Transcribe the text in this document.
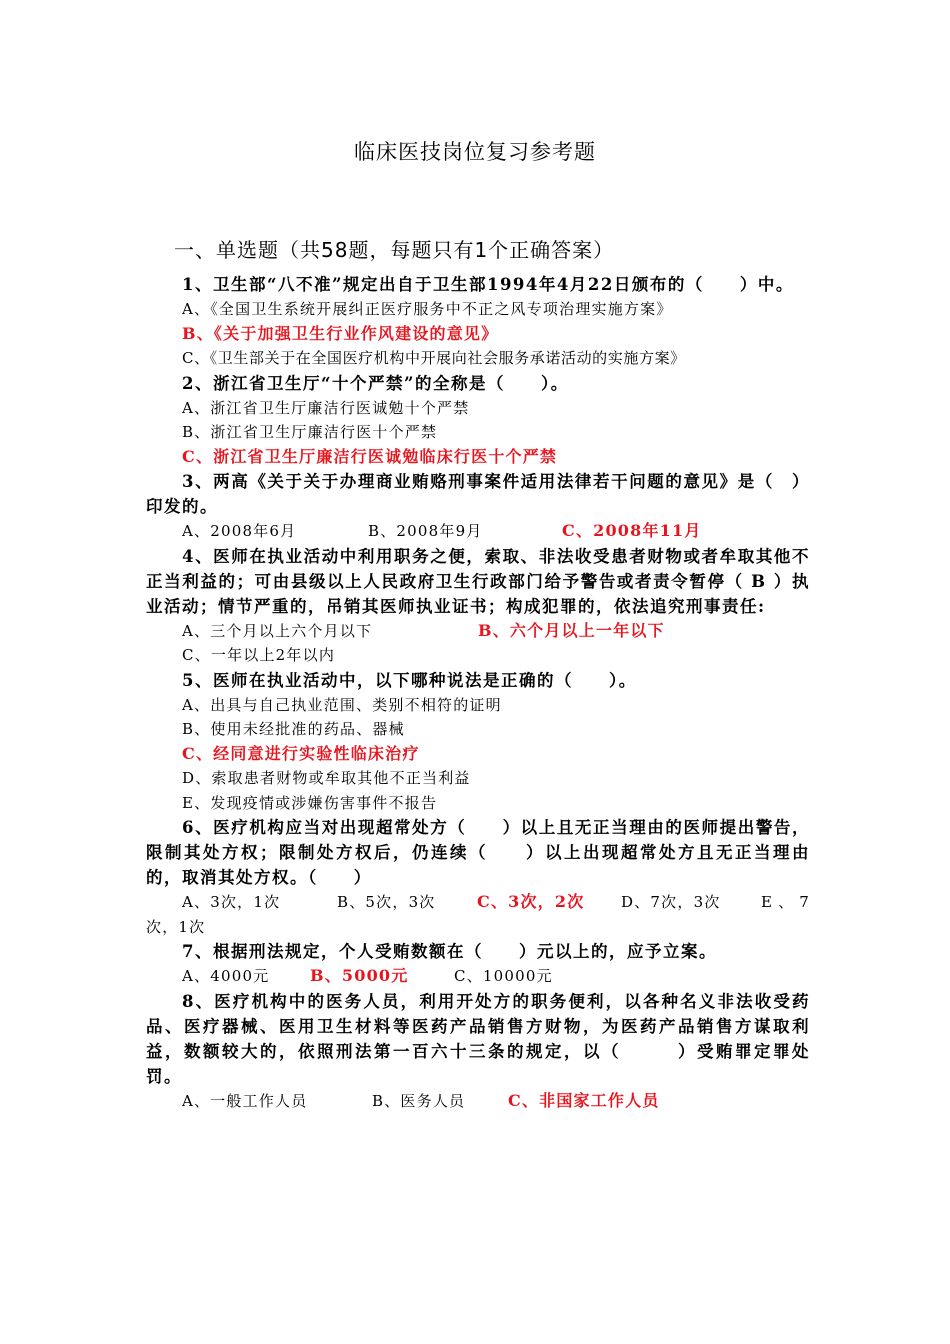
临床医技岗位复习参考题
一、单选题（共58题，每题只有1个正确答案）

1、卫生部“八不准”规定出自于卫生部1994年4月22日颁布的（　　）中。

A、《全国卫生系统开展纠正医疗服务中不正之风专项治理实施方案》

B、《关于加强卫生行业作风建设的意见》

C、《卫生部关于在全国医疗机构中开展向社会服务承诺活动的实施方案》

2、浙江省卫生厅“十个严禁”的全称是（　　）。

A、浙江省卫生厅廉洁行医诚勉十个严禁

B、浙江省卫生厅廉洁行医十个严禁

C、浙江省卫生厅廉洁行医诚勉临床行医十个严禁

3、两高《关于关于办理商业贿赂刑事案件适用法律若干问题的意见》是（　）印发的。

A、2008年6月	B、2008年9月	C、2008年11月

4、医师在执业活动中利用职务之便，索取、非法收受患者财物或者牟取其他不正当利益的；可由县级以上人民政府卫生行政部门给予警告或者责令暂停（ B ）执业活动；情节严重的，吊销其医师执业证书；构成犯罪的，依法追究刑事责任:

A、三个月以上六个月以下	B、六个月以上一年以下

C、一年以上2年以内

5、医师在执业活动中，以下哪种说法是正确的（　　）。

A、出具与自己执业范围、类别不相符的证明

B、使用未经批准的药品、器械

C、经同意进行实验性临床治疗

D、索取患者财物或牟取其他不正当利益

E、发现疫情或涉嫌伤害事件不报告

6、医疗机构应当对出现超常处方（　　）以上且无正当理由的医师提出警告，限制其处方权；限制处方权后，仍连续（　　）以上出现超常处方且无正当理由的，取消其处方权。（　　）

A、3次，1次	B、5次，3次	C、3次，2次 D、7次，3次	E、7次，1次

7、根据刑法规定，个人受贿数额在（　　）元以上的，应予立案。

A、4000元	B、5000元	C、10000元

8、医疗机构中的医务人员，利用开处方的职务便利，以各种名义非法收受药品、医疗器械、医用卫生材料等医药产品销售方财物，为医药产品销售方谋取利益，数额较大的，依照刑法第一百六十三条的规定，以（　　　）受贿罪定罪处罚。

A、一般工作人员	B、医务人员	C、非国家工作人员
